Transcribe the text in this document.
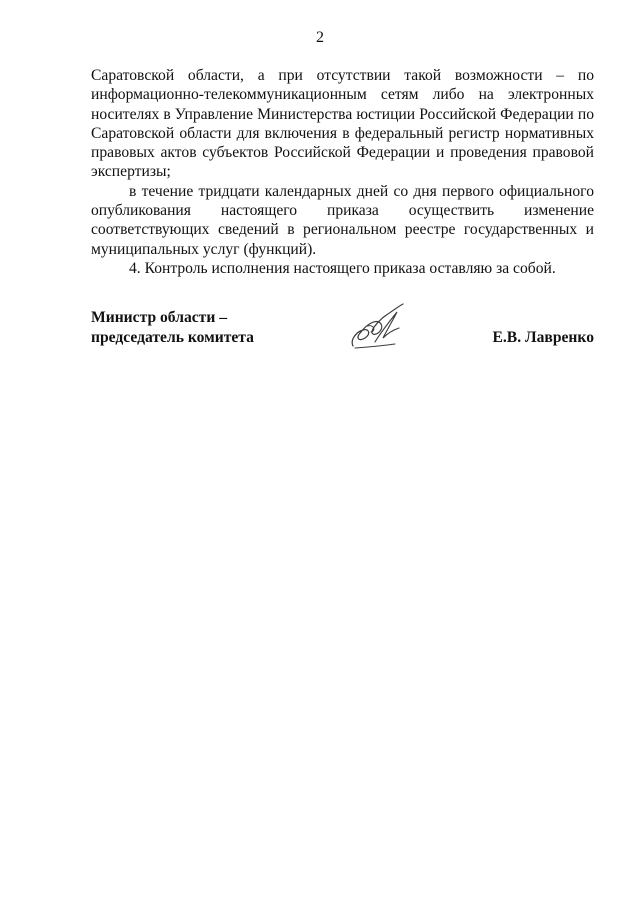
2

Саратовской области, а при отсутствии такой возможности – по информационно-телекоммуникационным сетям либо на электронных носителях в Управление Министерства юстиции Российской Федерации по Саратовской области для включения в федеральный регистр нормативных правовых актов субъектов Российской Федерации и проведения правовой экспертизы;

в течение тридцати календарных дней со дня первого официального опубликования настоящего приказа осуществить изменение соответствующих сведений в региональном реестре государственных и муниципальных услуг (функций).

4. Контроль исполнения настоящего приказа оставляю за собой.

Министр области –
председатель комитета	Е.В. Лавренко
